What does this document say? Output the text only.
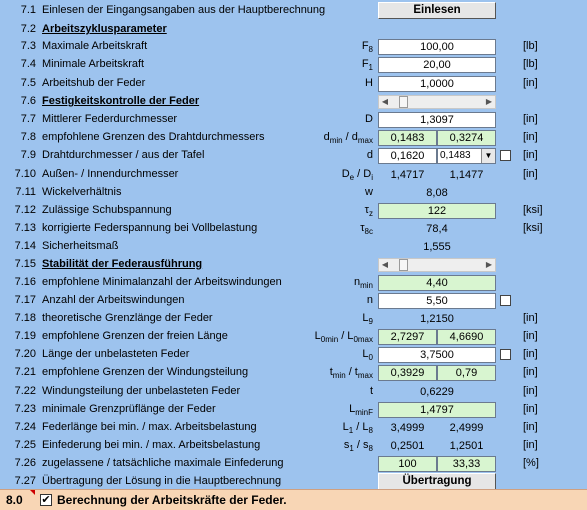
7.1 Einlesen der Eingangsangaben aus der Hauptberechnung	Einlesen
7.2 Arbeitszyklusparameter
7.3 Maximale Arbeitskraft	$F_8$	100,00	[lb]
7.4 Minimale Arbeitskraft	$F_1$	20,00	[lb]
7.5 Arbeitshub der Feder	H	1,0000	[in]
7.6 Festigkeitskontrolle der Feder	◀	▶
7.7 Mittlerer Federdurchmesser	D	1,3097	[in]
7.8 empfohlene Grenzen des Drahtdurchmessers	$d_{min} / d_{max}$	0,1483	0,3274	[in]
7.9 Drahtdurchmesser / aus der Tafel	d	0,1620	0,1483	▼	[in]
7.10 Außen- / Innendurchmesser	$D_e / D_i$	1,4717	1,1477	[in]
7.11 Wickelverhältnis	w	8,08
7.12 Zulässige Schubspannung	$\tau_z$	122	[ksi]
7.13 korrigierte Federspannung bei Vollbelastung	$\tau_{8c}$	78,4	[ksi]
7.14 Sicherheitsmaß	1,555
7.15 Stabilität der Federausführung	◀	▶
7.16 empfohlene Minimalanzahl der Arbeitswindungen	$n_{min}$	4,40
7.17 Anzahl der Arbeitswindungen	n	5,50
7.18 theoretische Grenzlänge der Feder	$L_9$	1,2150	[in]
7.19 empfohlene Grenzen der freien Länge	$L_{0min} / L_{0max}$	2,7297	4,6690	[in]
7.20 Länge der unbelasteten Feder	$L_0$	3,7500	[in]
7.21 empfohlene Grenzen der Windungsteilung	$t_{min} / t_{max}$	0,3929	0,79	[in]
7.22 Windungsteilung der unbelasteten Feder	t	0,6229	[in]
7.23 minimale Grenzprüflänge der Feder	$L_{minF}$	1,4797	[in]
7.24 Federlänge bei min. / max. Arbeitsbelastung	$L_1 / L_8$	3,4999	2,4999	[in]
7.25 Einfederung bei min. / max. Arbeitsbelastung	$s_1 / s_8$	0,2501	1,2501	[in]
7.26 zugelassene / tatsächliche maximale Einfederung	100	33,33	[%]
7.27 Übertragung der Lösung in die Hauptberechnung	Übertragung
8.0 ✔ Berechnung der Arbeitskräfte der Feder.
